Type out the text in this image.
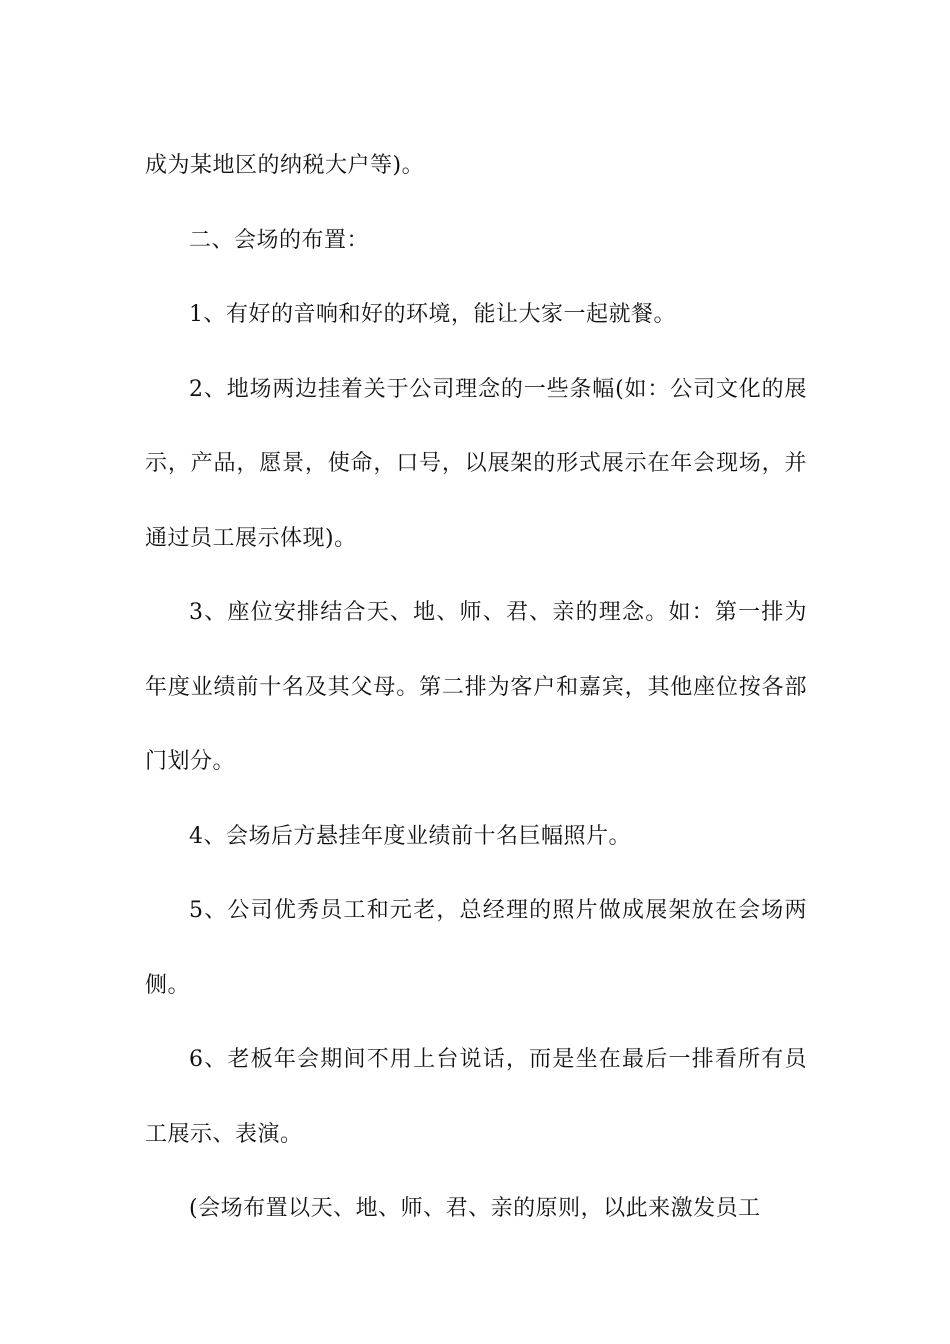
成为某地区的纳税大户等)。

二、会场的布置：

1、有好的音响和好的环境，能让大家一起就餐。

2、地场两边挂着关于公司理念的一些条幅(如：公司文化的展示，产品，愿景，使命，口号，以展架的形式展示在年会现场，并通过员工展示体现)。

3、座位安排结合天、地、师、君、亲的理念。如：第一排为年度业绩前十名及其父母。第二排为客户和嘉宾，其他座位按各部门划分。

4、会场后方悬挂年度业绩前十名巨幅照片。

5、公司优秀员工和元老，总经理的照片做成展架放在会场两侧。

6、老板年会期间不用上台说话，而是坐在最后一排看所有员工展示、表演。

(会场布置以天、地、师、君、亲的原则，以此来激发员工
